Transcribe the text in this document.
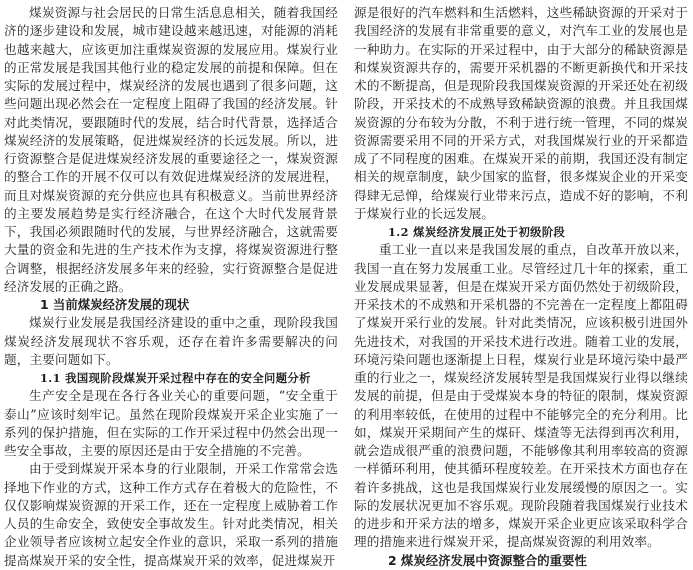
煤炭资源与社会居民的日常生活息息相关，随着我国经济的逐步建设和发展，城市建设越来越迅速，对能源的消耗也越来越大，应该更加注重煤炭资源的发展应用。煤炭行业的正常发展是我国其他行业的稳定发展的前提和保障。但在实际的发展过程中，煤炭经济的发展也遇到了很多问题，这些问题出现必然会在一定程度上阻碍了我国的经济发展。针对此类情况，要跟随时代的发展，结合时代背景，选择适合煤炭经济的发展策略，促进煤炭经济的长远发展。所以，进行资源整合是促进煤炭经济发展的重要途径之一，煤炭资源的整合工作的开展不仅可以有效促进煤炭经济的发展进程，而且对煤炭资源的充分供应也具有积极意义。当前世界经济的主要发展趋势是实行经济融合，在这个大时代发展背景下，我国必须跟随时代的发展，与世界经济融合，这就需要大量的资金和先进的生产技术作为支撑，将煤炭资源进行整合调整，根据经济发展多年来的经验，实行资源整合是促进经济发展的正确之路。

1 当前煤炭经济发展的现状

煤炭行业发展是我国经济建设的重中之重，现阶段我国煤炭经济发展现状不容乐观，还存在着许多需要解决的问题，主要问题如下。

1.1 我国现阶段煤炭开采过程中存在的安全问题分析

生产安全是现在各行各业关心的重要问题，“安全重于泰山”应该时刻牢记。虽然在现阶段煤炭开采企业实施了一系列的保护措施，但在实际的工作开采过程中仍然会出现一些安全事故，主要的原因还是由于安全措施的不完善。

由于受到煤炭开采本身的行业限制，开采工作常常会选择地下作业的方式，这种工作方式存在着极大的危险性，不仅仅影响煤炭资源的开采工作，还在一定程度上威胁着工作人员的生命安全，致使安全事故发生。针对此类情况，相关企业领导者应该树立起安全作业的意识，采取一系列的措施提高煤炭开采的安全性，提高煤炭开采的效率，促进煤炭开

源是很好的汽车燃料和生活燃料，这些稀缺资源的开采对于我国经济的发展有非常重要的意义，对汽车工业的发展也是一种助力。在实际的开采过程中，由于大部分的稀缺资源是和煤炭资源共存的，需要开采机器的不断更新换代和开采技术的不断提高，但是现阶段我国煤炭资源的开采还处在初级阶段，开采技术的不成熟导致稀缺资源的浪费。并且我国煤炭资源的分布较为分散，不利于进行统一管理，不同的煤炭资源需要采用不同的开采方式，对我国煤炭行业的开采都造成了不同程度的困难。在煤炭开采的前期，我国还没有制定相关的规章制度，缺少国家的监督，很多煤炭企业的开采变得肆无忌惮，给煤炭行业带来污点，造成不好的影响，不利于煤炭行业的长远发展。

1.2 煤炭经济发展正处于初级阶段

重工业一直以来是我国发展的重点，自改革开放以来，我国一直在努力发展重工业。尽管经过几十年的探索，重工业发展成果显著，但是在煤炭开采方面仍然处于初级阶段，开采技术的不成熟和开采机器的不完善在一定程度上都阻碍了煤炭开采行业的发展。针对此类情况，应该积极引进国外先进技术，对我国的开采技术进行改进。随着工业的发展，环境污染问题也逐渐提上日程，煤炭行业是环境污染中最严重的行业之一，煤炭经济发展转型是我国煤炭行业得以继续发展的前提，但是由于受煤炭本身的特征的限制，煤炭资源的利用率较低，在使用的过程中不能够完全的充分利用。比如，煤炭开采期间产生的煤矸、煤渣等无法得到再次利用，就会造成很严重的浪费问题，不能够像其利用率较高的资源一样循环利用，使其循环程度较差。在开采技术方面也存在着许多挑战，这也是我国煤炭行业发展缓慢的原因之一。实际的发展状况更加不容乐观。现阶段随着我国煤炭行业技术的进步和开采方法的增多，煤炭开采企业更应该采取科学合理的措施来进行煤炭开采，提高煤炭资源的利用效率。

2 煤炭经济发展中资源整合的重要性
